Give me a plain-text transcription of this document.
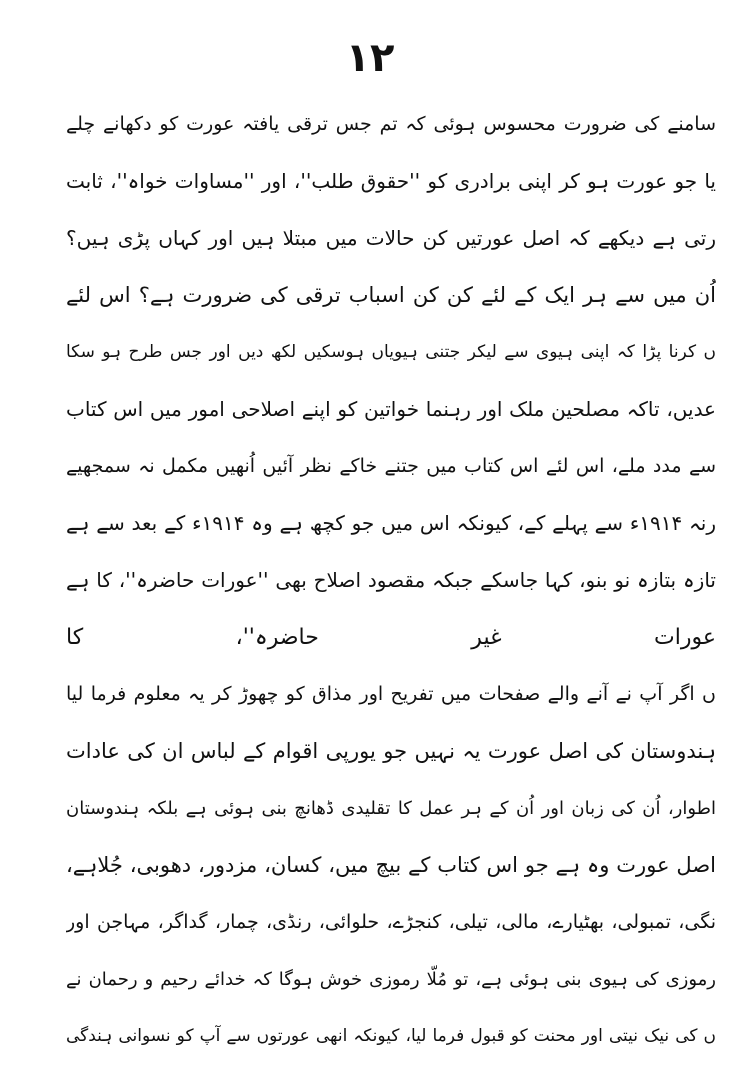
۱۲
سامنے کی ضرورت محسوس ہوئی کہ تم جس ترقی یافتہ عورت کو دکھانے چلے
یا جو عورت ہو کر اپنی برادری کو ''حقوق طلب''، اور ''مساوات خواہ''، ثابت
رتی ہے دیکھے کہ اصل عورتیں کن حالات میں مبتلا ہیں اور کہاں پڑی ہیں؟
اُن میں سے ہر ایک کے لئے کن کن اسباب ترقی کی ضرورت ہے؟ اس لئے
ں کرنا پڑا کہ اپنی ہیوی سے لیکر جتنی ہیویاں ہوسکیں لکھ دیں اور جس طرح ہو سکا
عدیں، تاکہ مصلحین ملک اور رہنما خواتین کو اپنے اصلاحی امور میں اس کتاب
سے مدد ملے، اس لئے اس کتاب میں جتنے خاکے نظر آئیں اُنھیں مکمل نہ سمجھیے
رنہ ۱۹۱۴ء سے پہلے کے، کیونکہ اس میں جو کچھ ہے وہ ۱۹۱۴ء کے بعد سے ہے
تازہ بتازہ نو بنو، کہا جاسکے جبکہ مقصود اصلاح بھی ''عورات حاضرہ''، کا ہے
عورات غیر حاضرہ''، کا
ں اگر آپ نے آنے والے صفحات میں تفریح اور مذاق کو چھوڑ کر یہ معلوم فرما لیا
ہندوستان کی اصل عورت یہ نہیں جو یورپی اقوام کے لباس ان کی عادات
اطوار، اُن کی زبان اور اُن کے ہر عمل کا تقلیدی ڈھانچ بنی ہوئی ہے بلکہ ہندوستان
اصل عورت وہ ہے جو اس کتاب کے بیچ میں، کسان، مزدور، دھوبی، جُلاہے،
نگی، تمبولی، بھٹیارے، مالی، تیلی، کنجڑے، حلوائی، رنڈی، چمار، گداگر، مہاجن اور
رموزی کی ہیوی بنی ہوئی ہے، تو مُلّا رموزی خوش ہوگا کہ خدائے رحیم و رحمان نے
ں کی نیک نیتی اور محنت کو قبول فرما لیا، کیونکہ انھی عورتوں سے آپ کو نسوانی ہندگی
